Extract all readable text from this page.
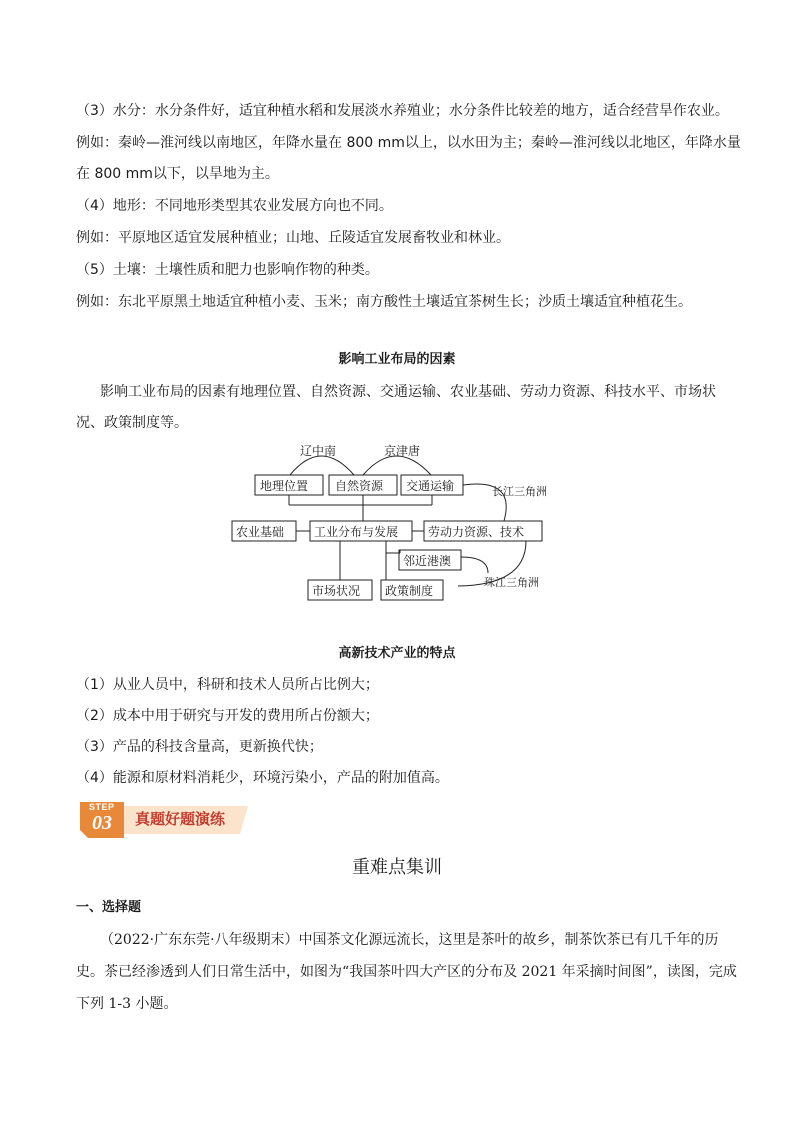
（3）水分：水分条件好，适宜种植水稻和发展淡水养殖业；水分条件比较差的地方，适合经营旱作农业。
例如：秦岭—淮河线以南地区，年降水量在 800 mm以上，以水田为主；秦岭—淮河线以北地区，年降水量
在 800 mm以下，以旱地为主。
（4）地形：不同地形类型其农业发展方向也不同。
例如：平原地区适宜发展种植业；山地、丘陵适宜发展畜牧业和林业。
（5）土壤：土壤性质和肥力也影响作物的种类。
例如：东北平原黑土地适宜种植小麦、玉米；南方酸性土壤适宜茶树生长；沙质土壤适宜种植花生。
影响工业布局的因素
影响工业布局的因素有地理位置、自然资源、交通运输、农业基础、劳动力资源、科技水平、市场状
况、政策制度等。
辽中南	京津唐
长江三角洲
珠江三角洲
地理位置 自然资源 交通运输
农业基础 工业分布与发展 劳动力资源、技术
邻近港澳
市场状况 政策制度
高新技术产业的特点
（1）从业人员中，科研和技术人员所占比例大；
（2）成本中用于研究与开发的费用所占份额大；
（3）产品的科技含量高，更新换代快；
（4）能源和原材料消耗少，环境污染小，产品的附加值高。
STEP
03 真题好题演练
重难点集训
一、选择题
（2022·广东东莞·八年级期末）中国茶文化源远流长，这里是茶叶的故乡，制茶饮茶已有几千年的历
史。茶已经渗透到人们日常生活中，如图为“我国茶叶四大产区的分布及 2021 年采摘时间图”，读图，完成
下列 1-3 小题。
